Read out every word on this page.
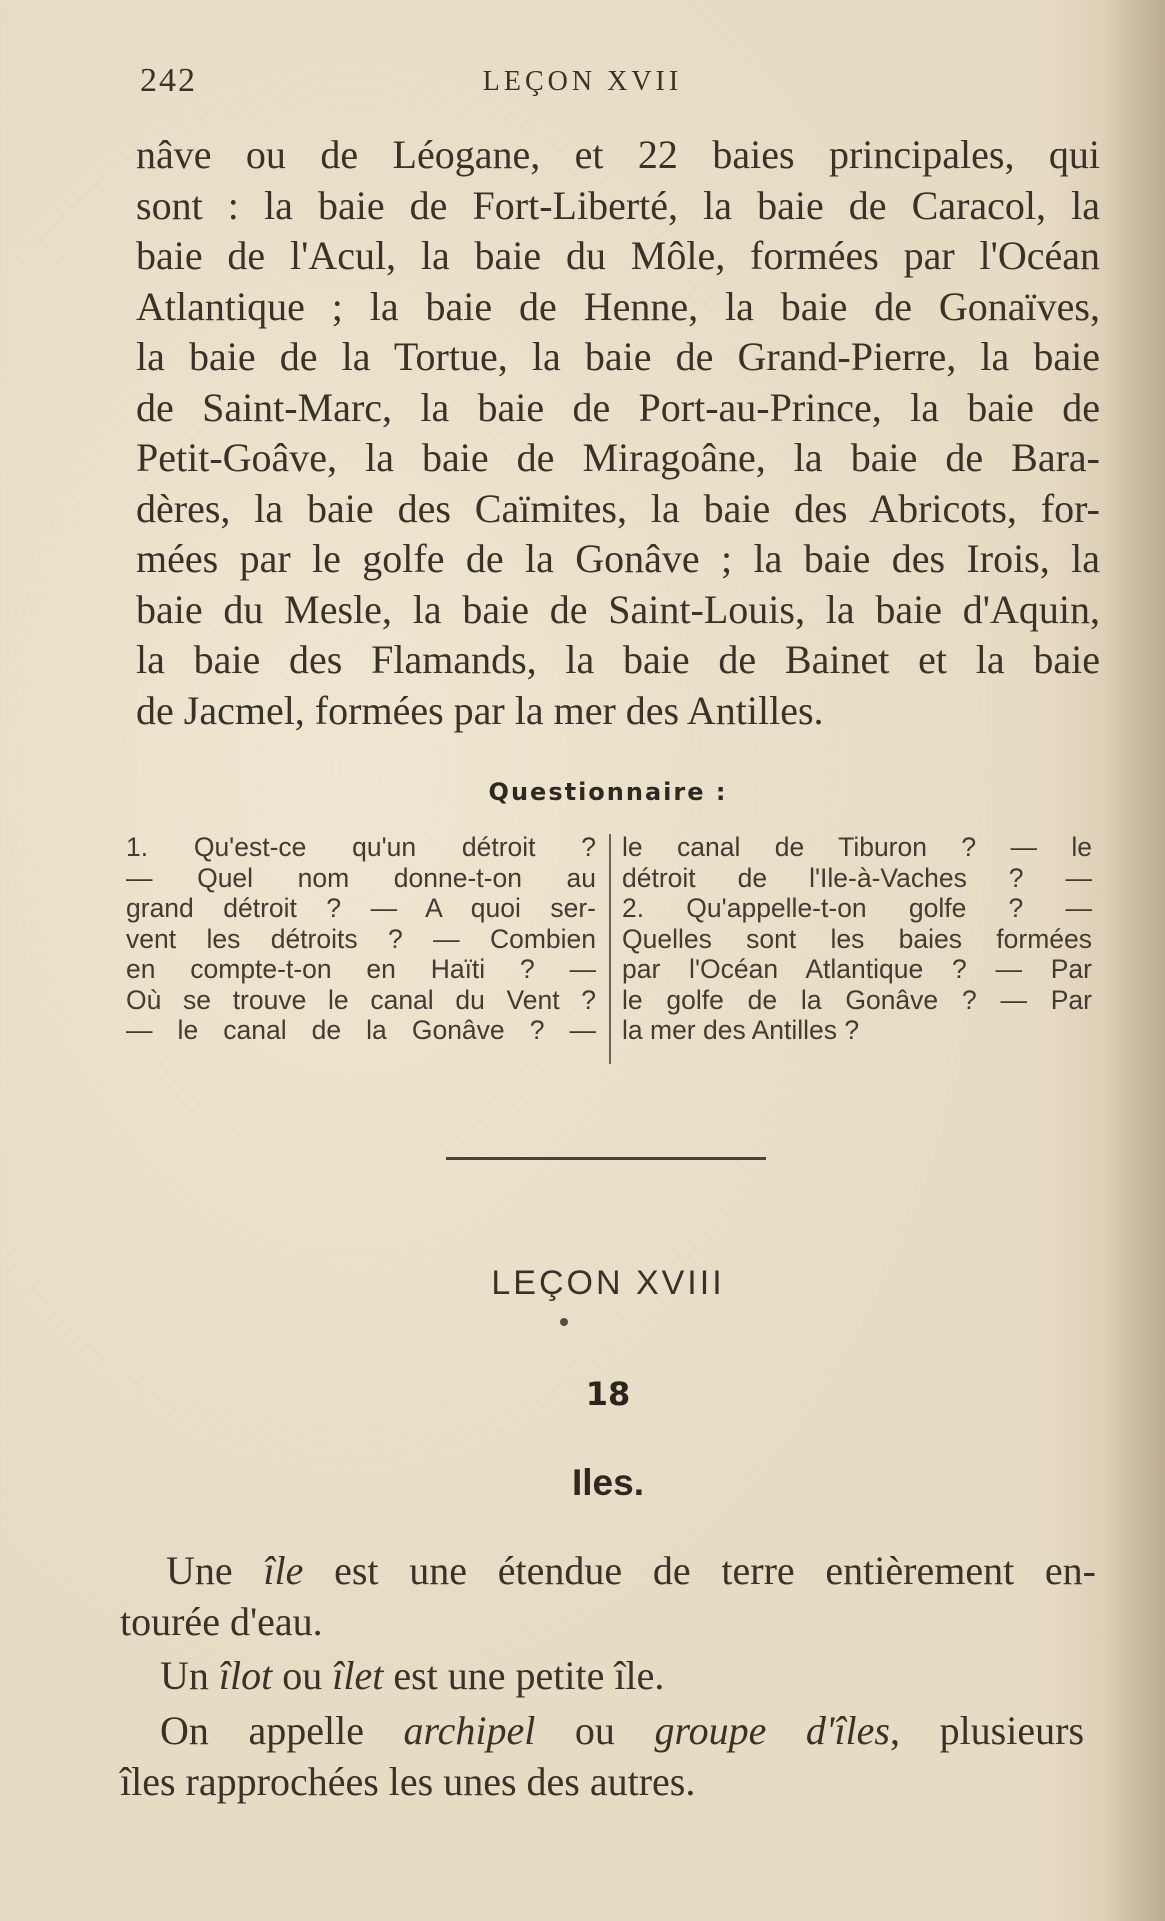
242	LEÇON XVII
nâve ou de Léogane, et 22 baies principales, qui
sont : la baie de Fort-Liberté, la baie de Caracol, la
baie de l'Acul, la baie du Môle, formées par l'Océan
Atlantique ; la baie de Henne, la baie de Gonaïves,
la baie de la Tortue, la baie de Grand-Pierre, la baie
de Saint-Marc, la baie de Port-au-Prince, la baie de
Petit-Goâve, la baie de Miragoâne, la baie de Bara-
dères, la baie des Caïmites, la baie des Abricots, for-
mées par le golfe de la Gonâve ; la baie des Irois, la
baie du Mesle, la baie de Saint-Louis, la baie d'Aquin,
la baie des Flamands, la baie de Bainet et la baie
de Jacmel, formées par la mer des Antilles.
Questionnaire :
1. Qu'est-ce qu'un détroit ?
— Quel nom donne-t-on au
grand détroit ? — A quoi ser-
vent les détroits ? — Combien
en compte-t-on en Haïti ? —
Où se trouve le canal du Vent ?
— le canal de la Gonâve ? —
le canal de Tiburon ? — le
détroit de l'Ile-à-Vaches ? —
2. Qu'appelle-t-on golfe ? —
Quelles sont les baies formées
par l'Océan Atlantique ? — Par
le golfe de la Gonâve ? — Par
la mer des Antilles ?
LEÇON XVIII
18
Iles.
Une île est une étendue de terre entièrement en-
tourée d'eau.
Un îlot ou îlet est une petite île.
On appelle archipel ou groupe d'îles, plusieurs
îles rapprochées les unes des autres.
